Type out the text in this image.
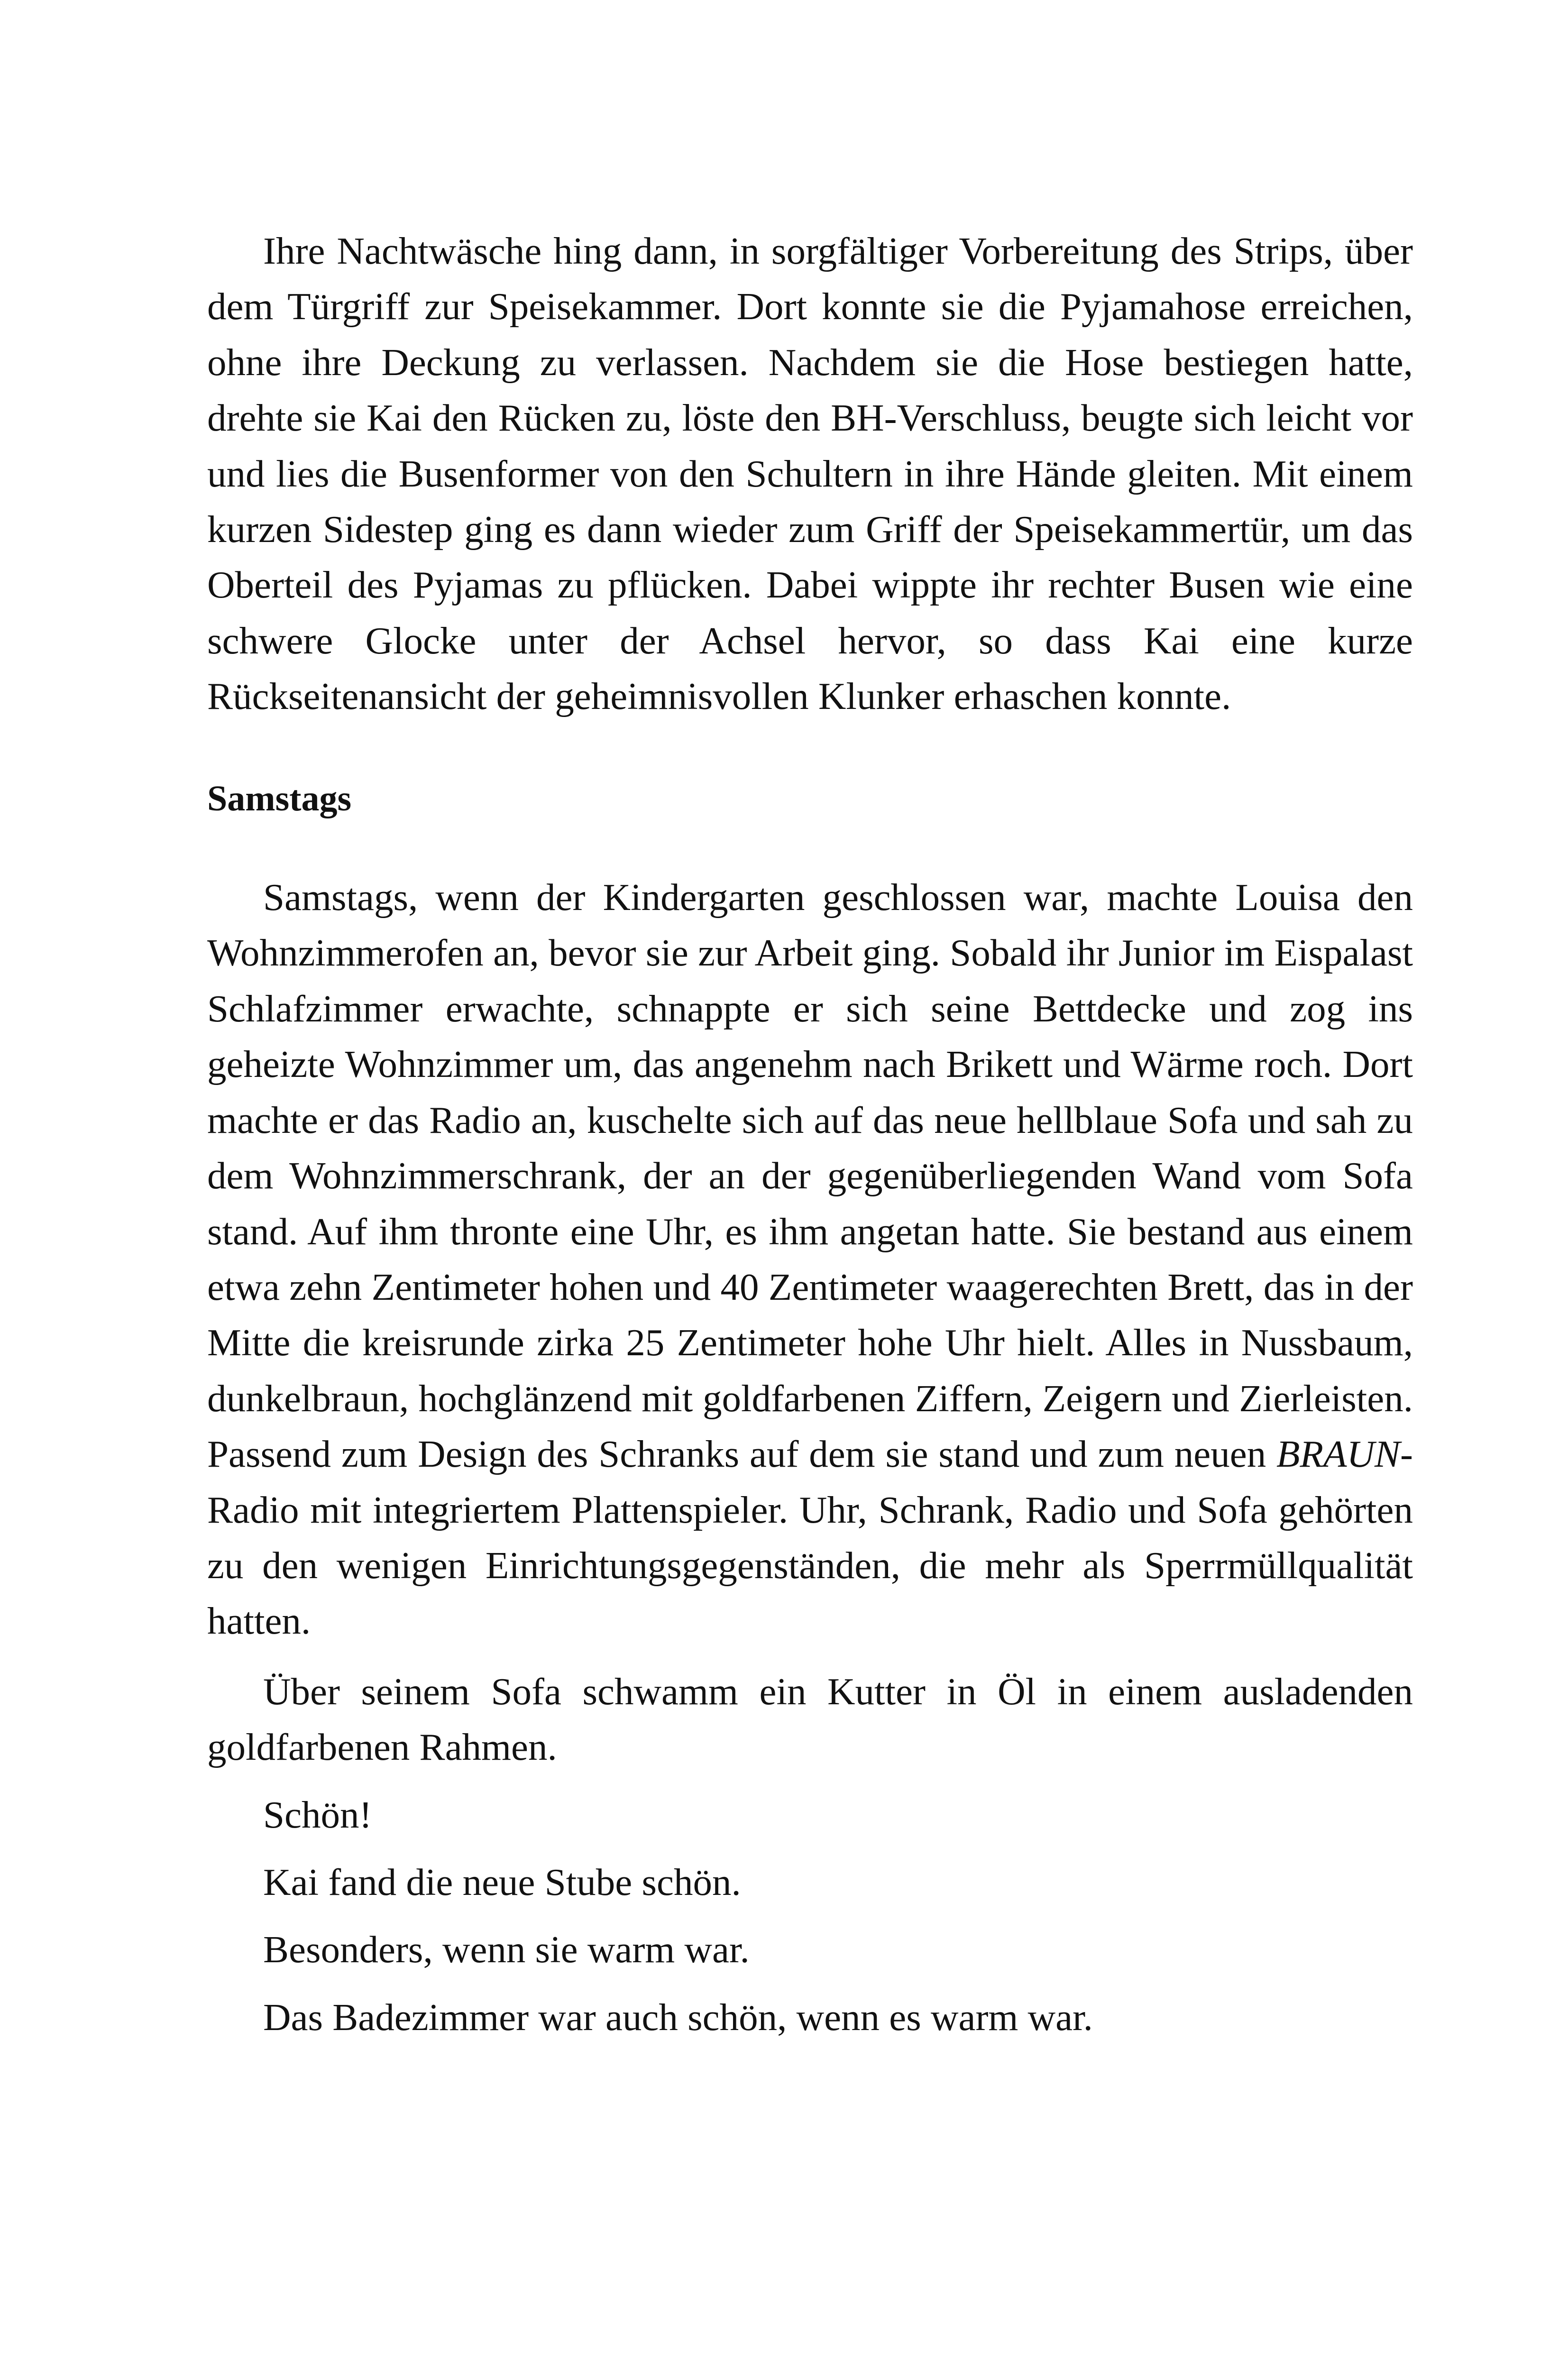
Ihre Nachtwäsche hing dann, in sorgfältiger Vorbereitung des Strips, über dem Türgriff zur Speisekammer. Dort konnte sie die Pyjamahose erreichen, ohne ihre Deckung zu verlassen. Nachdem sie die Hose bestiegen hatte, drehte sie Kai den Rücken zu, löste den BH-Verschluss, beugte sich leicht vor und lies die Busenformer von den Schultern in ihre Hände gleiten. Mit einem kurzen Sidestep ging es dann wieder zum Griff der Speisekammertür, um das Oberteil des Pyjamas zu pflücken. Dabei wippte ihr rechter Busen wie eine schwere Glocke unter der Achsel hervor, so dass Kai eine kurze Rückseitenansicht der geheimnisvollen Klunker erhaschen konnte.

Samstags

Samstags, wenn der Kindergarten geschlossen war, machte Louisa den Wohnzimmerofen an, bevor sie zur Arbeit ging. Sobald ihr Junior im Eispalast Schlafzimmer erwachte, schnappte er sich seine Bettdecke und zog ins geheizte Wohnzimmer um, das angenehm nach Brikett und Wärme roch. Dort machte er das Radio an, kuschelte sich auf das neue hellblaue Sofa und sah zu dem Wohnzimmerschrank, der an der gegenüberliegenden Wand vom Sofa stand. Auf ihm thronte eine Uhr, es ihm angetan hatte. Sie bestand aus einem etwa zehn Zentimeter hohen und 40 Zentimeter waagerechten Brett, das in der Mitte die kreisrunde zirka 25 Zentimeter hohe Uhr hielt. Alles in Nussbaum, dunkelbraun, hochglänzend mit goldfarbenen Ziffern, Zeigern und Zierleisten. Passend zum Design des Schranks auf dem sie stand und zum neuen BRAUN-Radio mit integriertem Plattenspieler. Uhr, Schrank, Radio und Sofa gehörten zu den wenigen Einrichtungsgegenständen, die mehr als Sperrmüllqualität hatten.

Über seinem Sofa schwamm ein Kutter in Öl in einem ausladenden goldfarbenen Rahmen.

Schön!

Kai fand die neue Stube schön.

Besonders, wenn sie warm war.

Das Badezimmer war auch schön, wenn es warm war.
